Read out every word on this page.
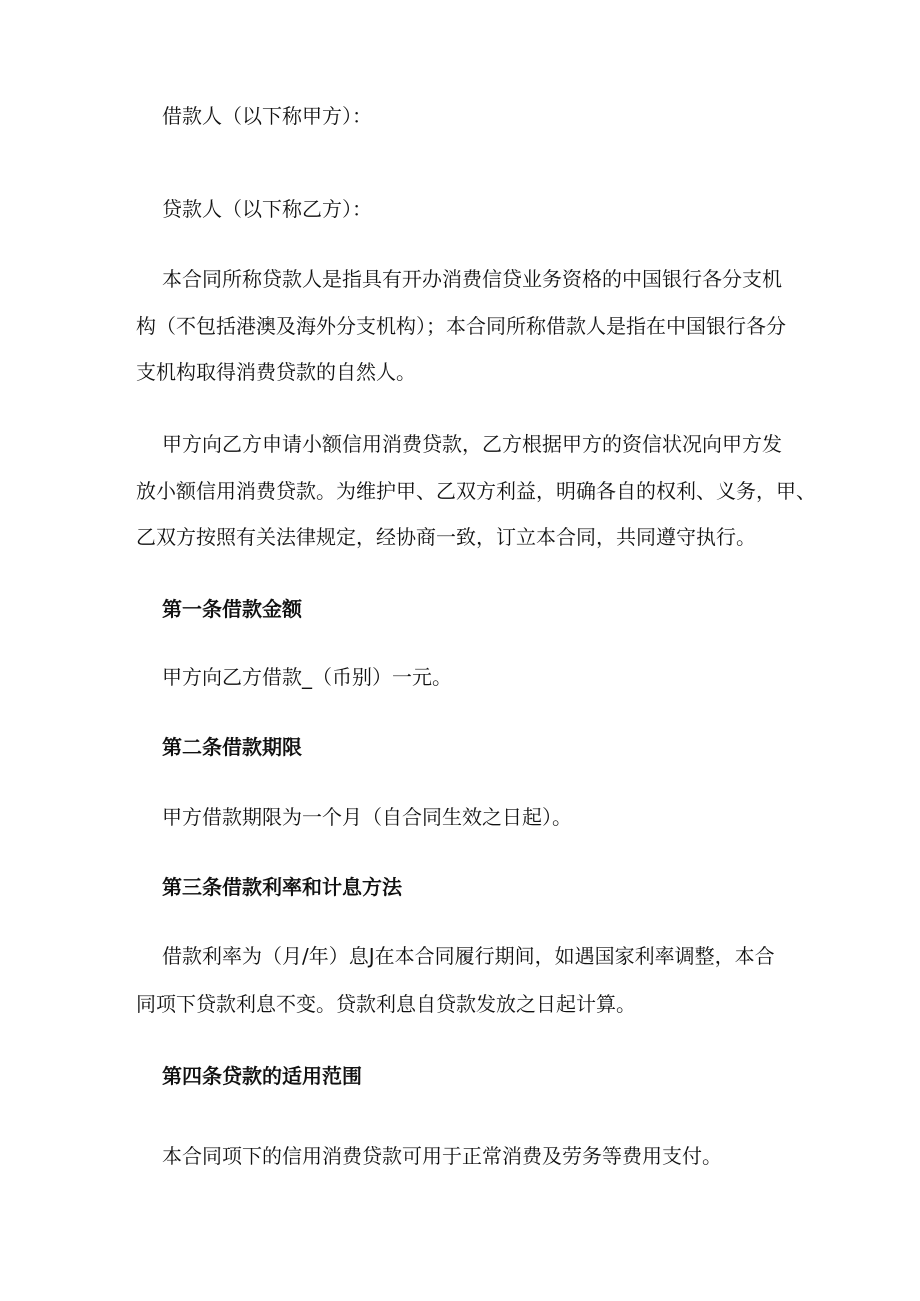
借款人（以下称甲方）：
贷款人（以下称乙方）：
本合同所称贷款人是指具有开办消费信贷业务资格的中国银行各分支机
构（不包括港澳及海外分支机构）；本合同所称借款人是指在中国银行各分
支机构取得消费贷款的自然人。
甲方向乙方申请小额信用消费贷款，乙方根据甲方的资信状况向甲方发
放小额信用消费贷款。为维护甲、乙双方利益，明确各自的权利、义务，甲、
乙双方按照有关法律规定，经协商一致，订立本合同，共同遵守执行。
第一条借款金额
甲方向乙方借款_（币别）一元。
第二条借款期限
甲方借款期限为一个月（自合同生效之日起）。
第三条借款利率和计息方法
借款利率为（月/年）息J在本合同履行期间，如遇国家利率调整，本合
同项下贷款利息不变。贷款利息自贷款发放之日起计算。
第四条贷款的适用范围
本合同项下的信用消费贷款可用于正常消费及劳务等费用支付。
